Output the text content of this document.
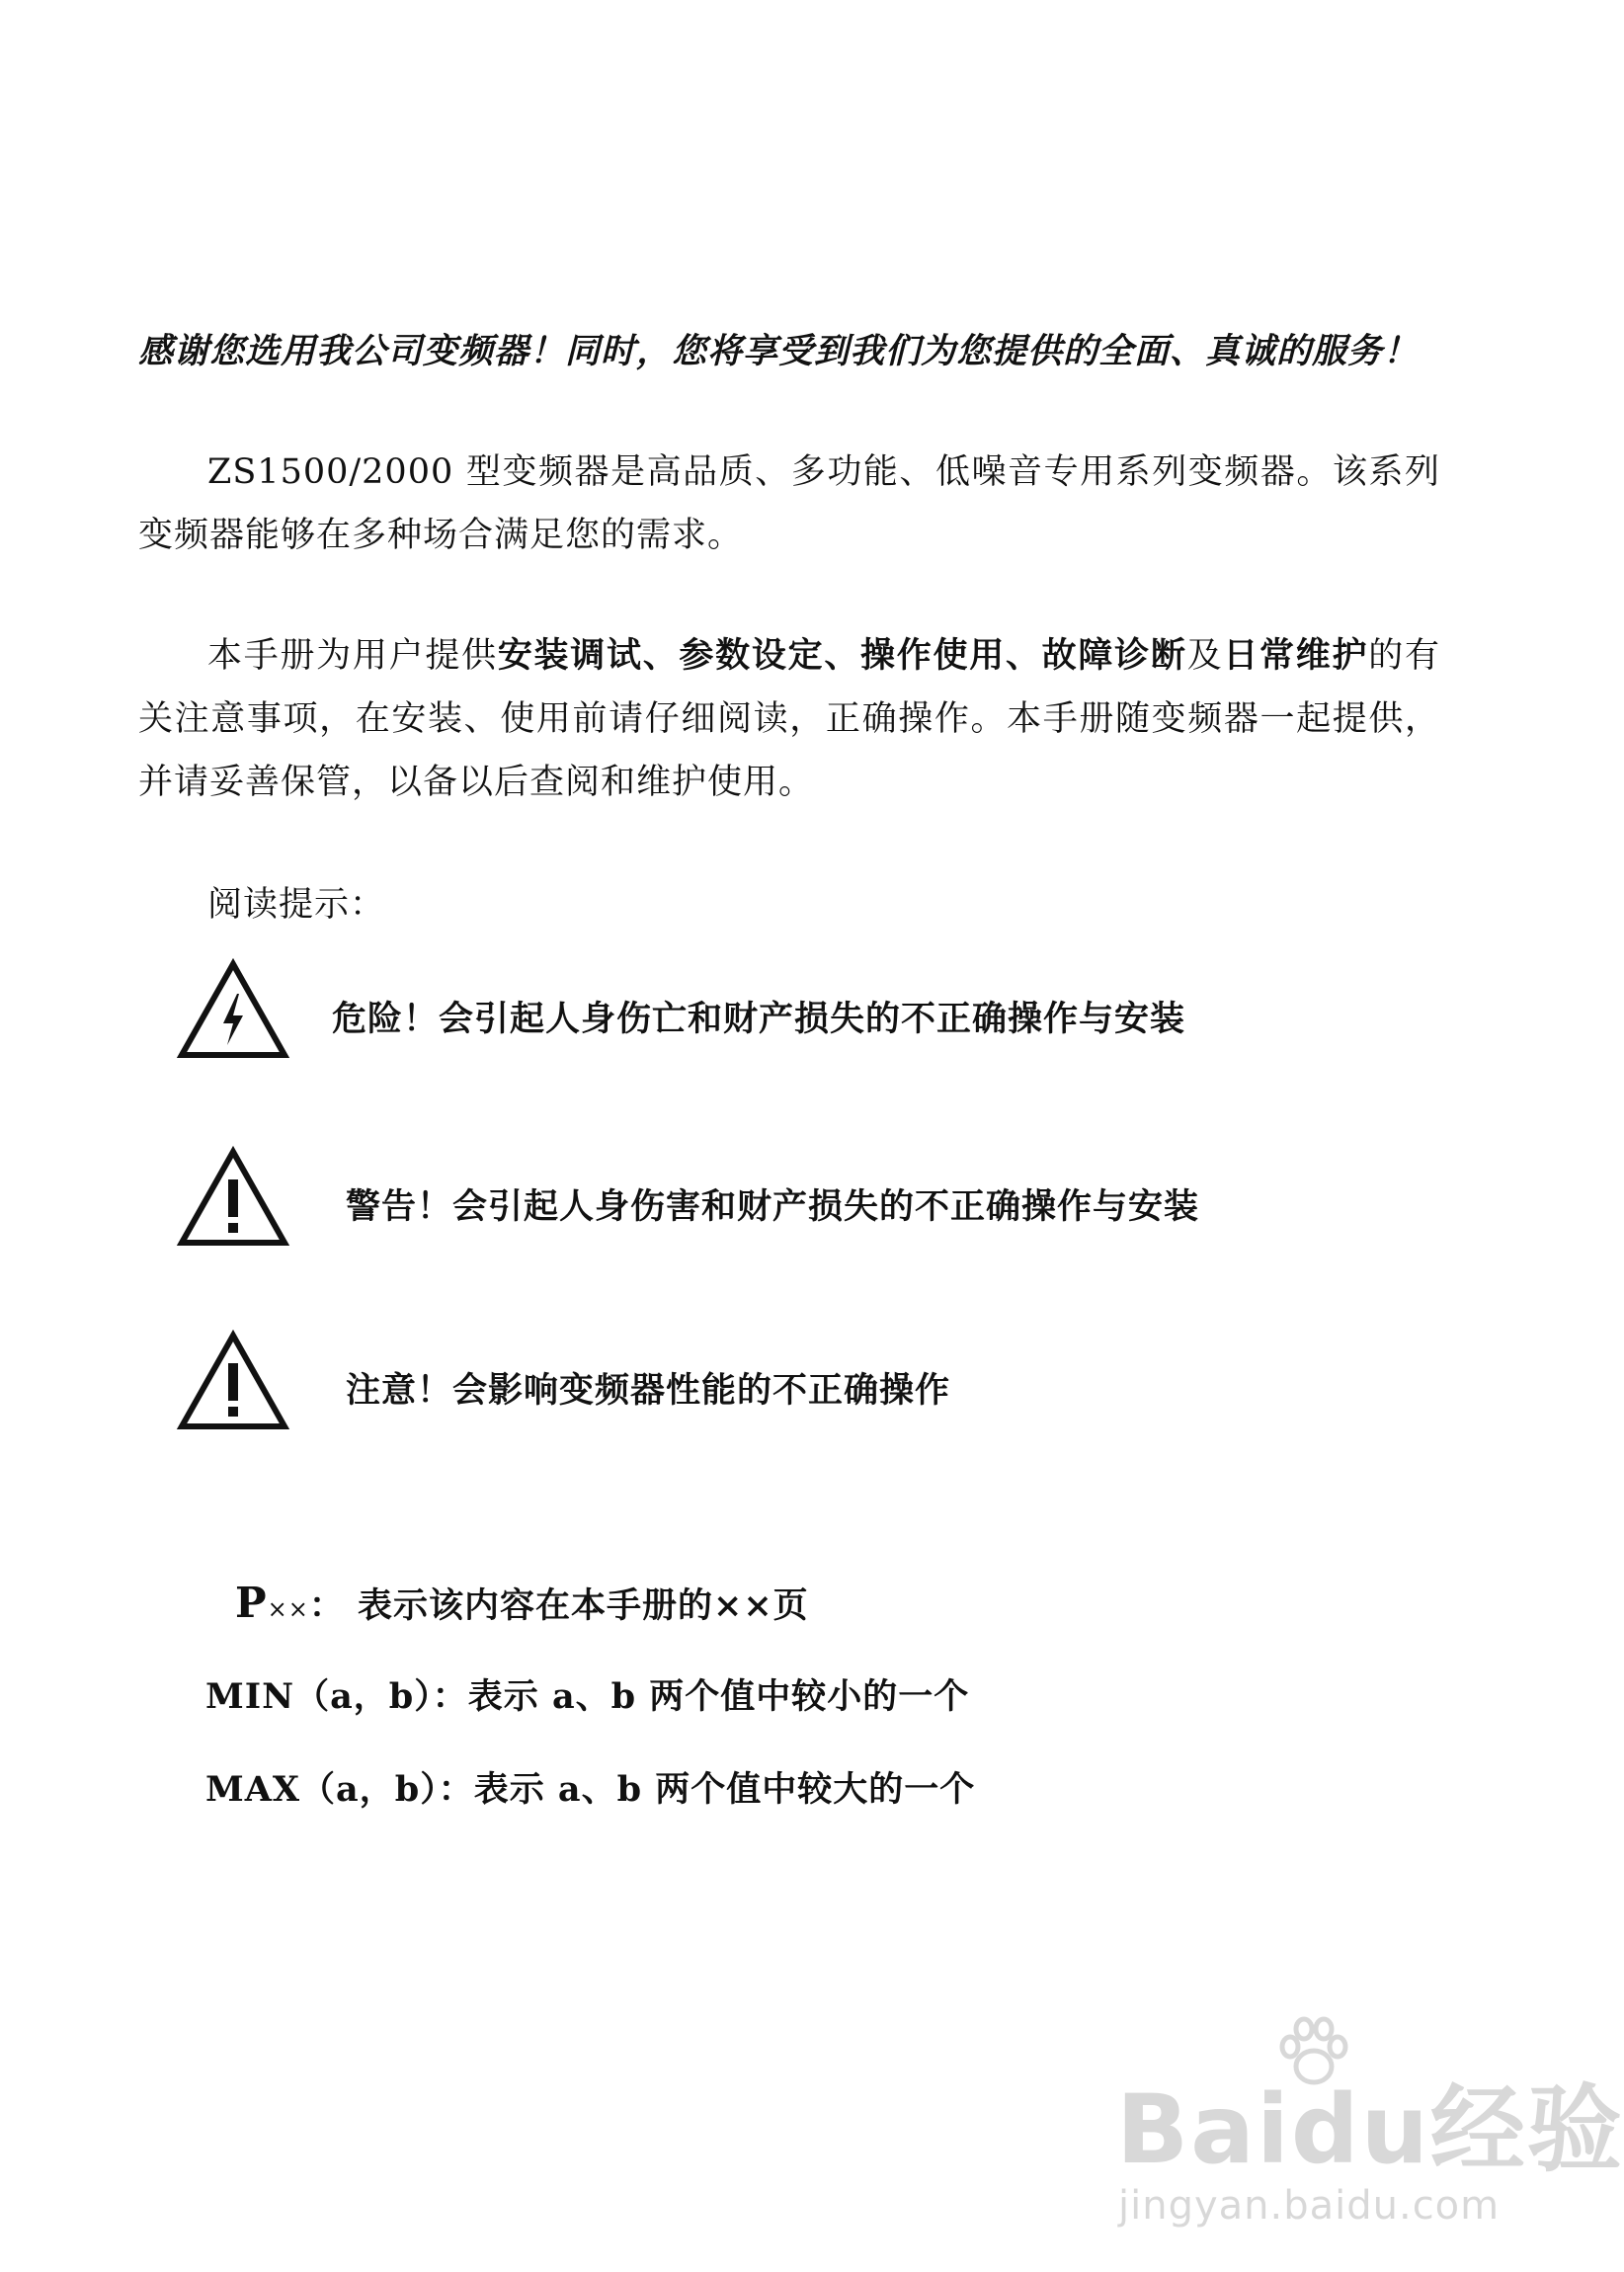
感谢您选用我公司变频器！同时，您将享受到我们为您提供的全面、真诚的服务！
ZS1500/2000 型变频器是高品质、多功能、低噪音专用系列变频器。该系列变频器能够在多种场合满足您的需求。
本手册为用户提供安装调试、参数设定、操作使用、故障诊断及日常维护的有关注意事项，在安装、使用前请仔细阅读，正确操作。本手册随变频器一起提供，并请妥善保管，以备以后查阅和维护使用。
阅读提示：
危险！会引起人身伤亡和财产损失的不正确操作与安装
警告！会引起人身伤害和财产损失的不正确操作与安装
注意！会影响变频器性能的不正确操作
P××： 表示该内容在本手册的××页
MIN（a，b）：表示 a、b 两个值中较小的一个
MAX（a，b）：表示 a、b 两个值中较大的一个
Baidu经验
jingyan.baidu.com
